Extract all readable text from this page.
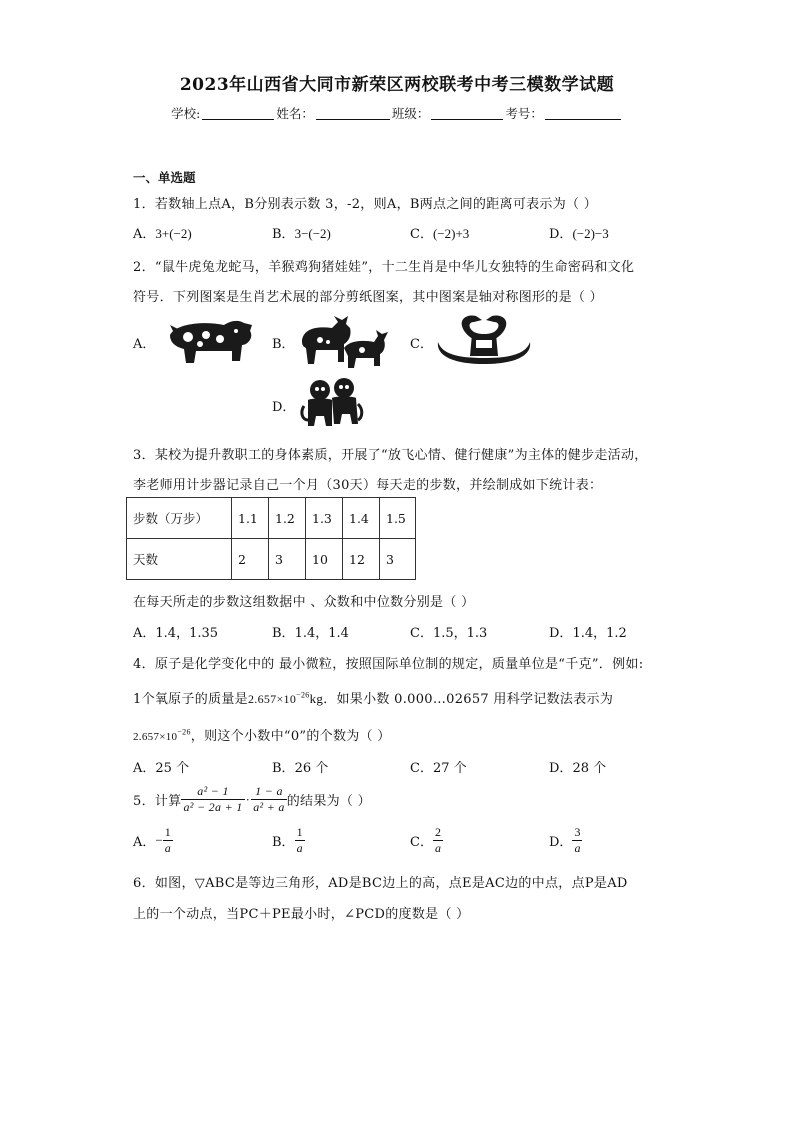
2023年山西省大同市新荣区两校联考中考三模数学试题
学校:	姓名：	班级：	考号：
一、单选题
1．若数轴上点A，B分别表示数 3，-2，则A，B两点之间的距离可表示为（ ）
A．3+(−2)	B．3−(−2)	C．(−2)+3	D．(−2)−3
2．“鼠牛虎兔龙蛇马，羊猴鸡狗猪娃娃”，十二生肖是中华儿女独特的生命密码和文化
符号．下列图案是生肖艺术展的部分剪纸图案，其中图案是轴对称图形的是（ ）
A．	B．	C．
D．
3．某校为提升教职工的身体素质，开展了“放飞心情、健行健康”为主体的健步走活动，
李老师用计步器记录自己一个月（30天）每天走的步数，并绘制成如下统计表：
步数（万步）	1.1	1.2	1.3	1.4	1.5
天数	2	3	10	12	3
在每天所走的步数这组数据中 、众数和中位数分别是（ ）
A．1.4，1.35	B．1.4，1.4	C．1.5，1.3	D．1.4，1.2
4．原子是化学变化中的 最小微粒，按照国际单位制的规定，质量单位是“千克”．例如:
1个氧原子的质量是$2.657\times 10^{-26}kg$．如果小数 0.000…02657 用科学记数法表示为
$2.657\times 10^{-26}$，则这个小数中“0”的个数为（ ）
A．25 个	B．26 个	C．27 个	D．28 个
5．计算 $\frac{\text{a² − 1}}{\text{a² − 2a + 1}} \cdot \frac{1 - a}{\text{a² + a}}$ 的结果为（ ）
A．− $\frac{1}{a}$	B． $\frac{1}{a}$	C． $\frac{2}{a}$	D． $\frac{3}{a}$
6．如图，▽ABC是等边三角形，AD是BC边上的高，点E是AC边的中点，点P是AD
上的一个动点，当PC＋PE最小时，∠PCD的度数是（ ）
